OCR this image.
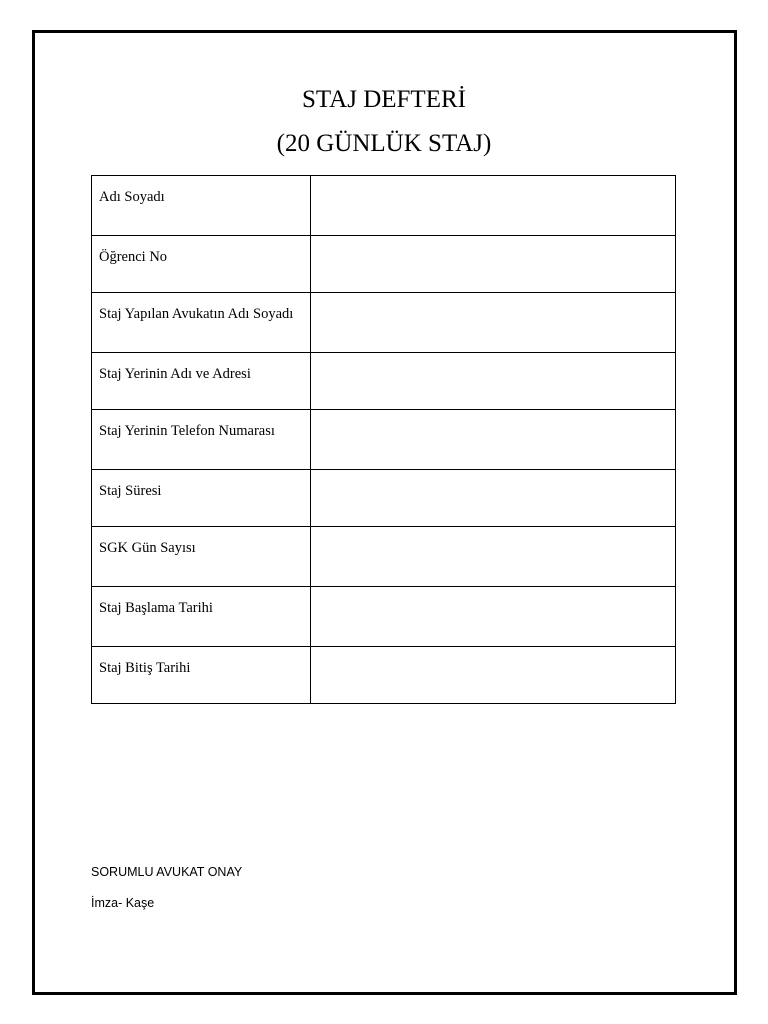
STAJ DEFTERİ
(20 GÜNLÜK STAJ)
Adı Soyadı	
Öğrenci No	
Staj Yapılan Avukatın Adı Soyadı	
Staj Yerinin Adı ve Adresi	
Staj Yerinin Telefon Numarası	
Staj Süresi	
SGK Gün Sayısı	
Staj Başlama Tarihi	
Staj Bitiş Tarihi	
SORUMLU AVUKAT ONAY
İmza- Kaşe
